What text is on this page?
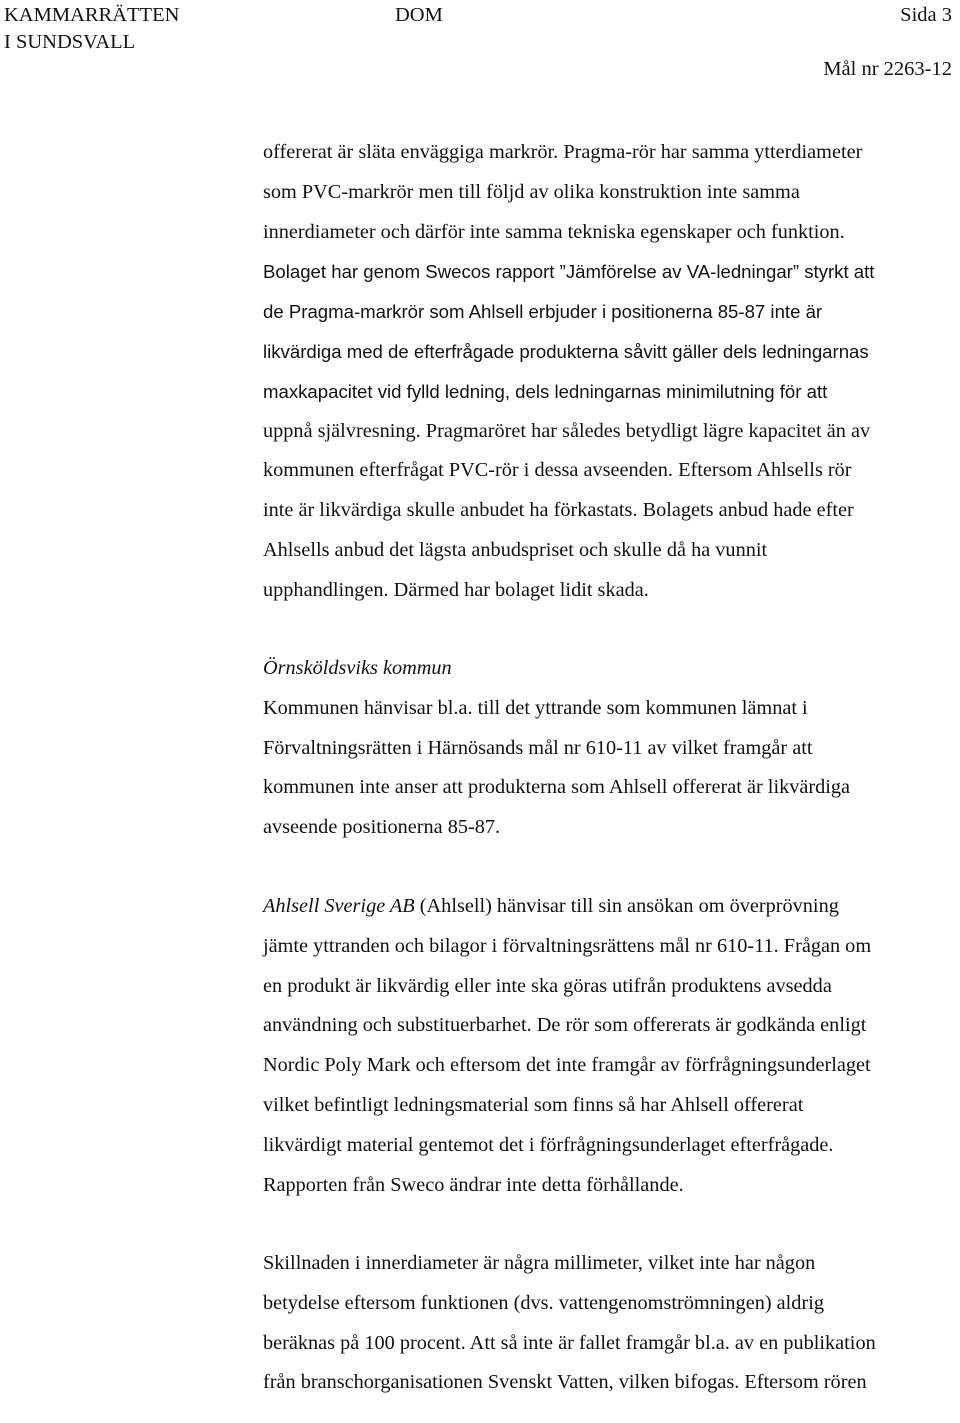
KAMMARRÄTTEN
I SUNDSVALL
DOM	Sida 3
Mål nr 2263-12
offererat är släta enväggiga markrör. Pragma-rör har samma ytterdiameter
som PVC-markrör men till följd av olika konstruktion inte samma
innerdiameter och därför inte samma tekniska egenskaper och funktion.
Bolaget har genom Swecos rapport ”Jämförelse av VA-ledningar” styrkt att
de Pragma-markrör som Ahlsell erbjuder i positionerna 85-87 inte är
likvärdiga med de efterfrågade produkterna såvitt gäller dels ledningarnas
maxkapacitet vid fylld ledning, dels ledningarnas minimilutning för att
uppnå självresning. Pragmaröret har således betydligt lägre kapacitet än av
kommunen efterfrågat PVC-rör i dessa avseenden. Eftersom Ahlsells rör
inte är likvärdiga skulle anbudet ha förkastats. Bolagets anbud hade efter
Ahlsells anbud det lägsta anbudspriset och skulle då ha vunnit
upphandlingen. Därmed har bolaget lidit skada.
Örnsköldsviks kommun
Kommunen hänvisar bl.a. till det yttrande som kommunen lämnat i
Förvaltningsrätten i Härnösands mål nr 610-11 av vilket framgår att
kommunen inte anser att produkterna som Ahlsell offererat är likvärdiga
avseende positionerna 85-87.
Ahlsell Sverige AB (Ahlsell) hänvisar till sin ansökan om överprövning
jämte yttranden och bilagor i förvaltningsrättens mål nr 610-11. Frågan om
en produkt är likvärdig eller inte ska göras utifrån produktens avsedda
användning och substituerbarhet. De rör som offererats är godkända enligt
Nordic Poly Mark och eftersom det inte framgår av förfrågningsunderlaget
vilket befintligt ledningsmaterial som finns så har Ahlsell offererat
likvärdigt material gentemot det i förfrågningsunderlaget efterfrågade.
Rapporten från Sweco ändrar inte detta förhållande.
Skillnaden i innerdiameter är några millimeter, vilket inte har någon
betydelse eftersom funktionen (dvs. vattengenomströmningen) aldrig
beräknas på 100 procent. Att så inte är fallet framgår bl.a. av en publikation
från branschorganisationen Svenskt Vatten, vilken bifogas. Eftersom rören
